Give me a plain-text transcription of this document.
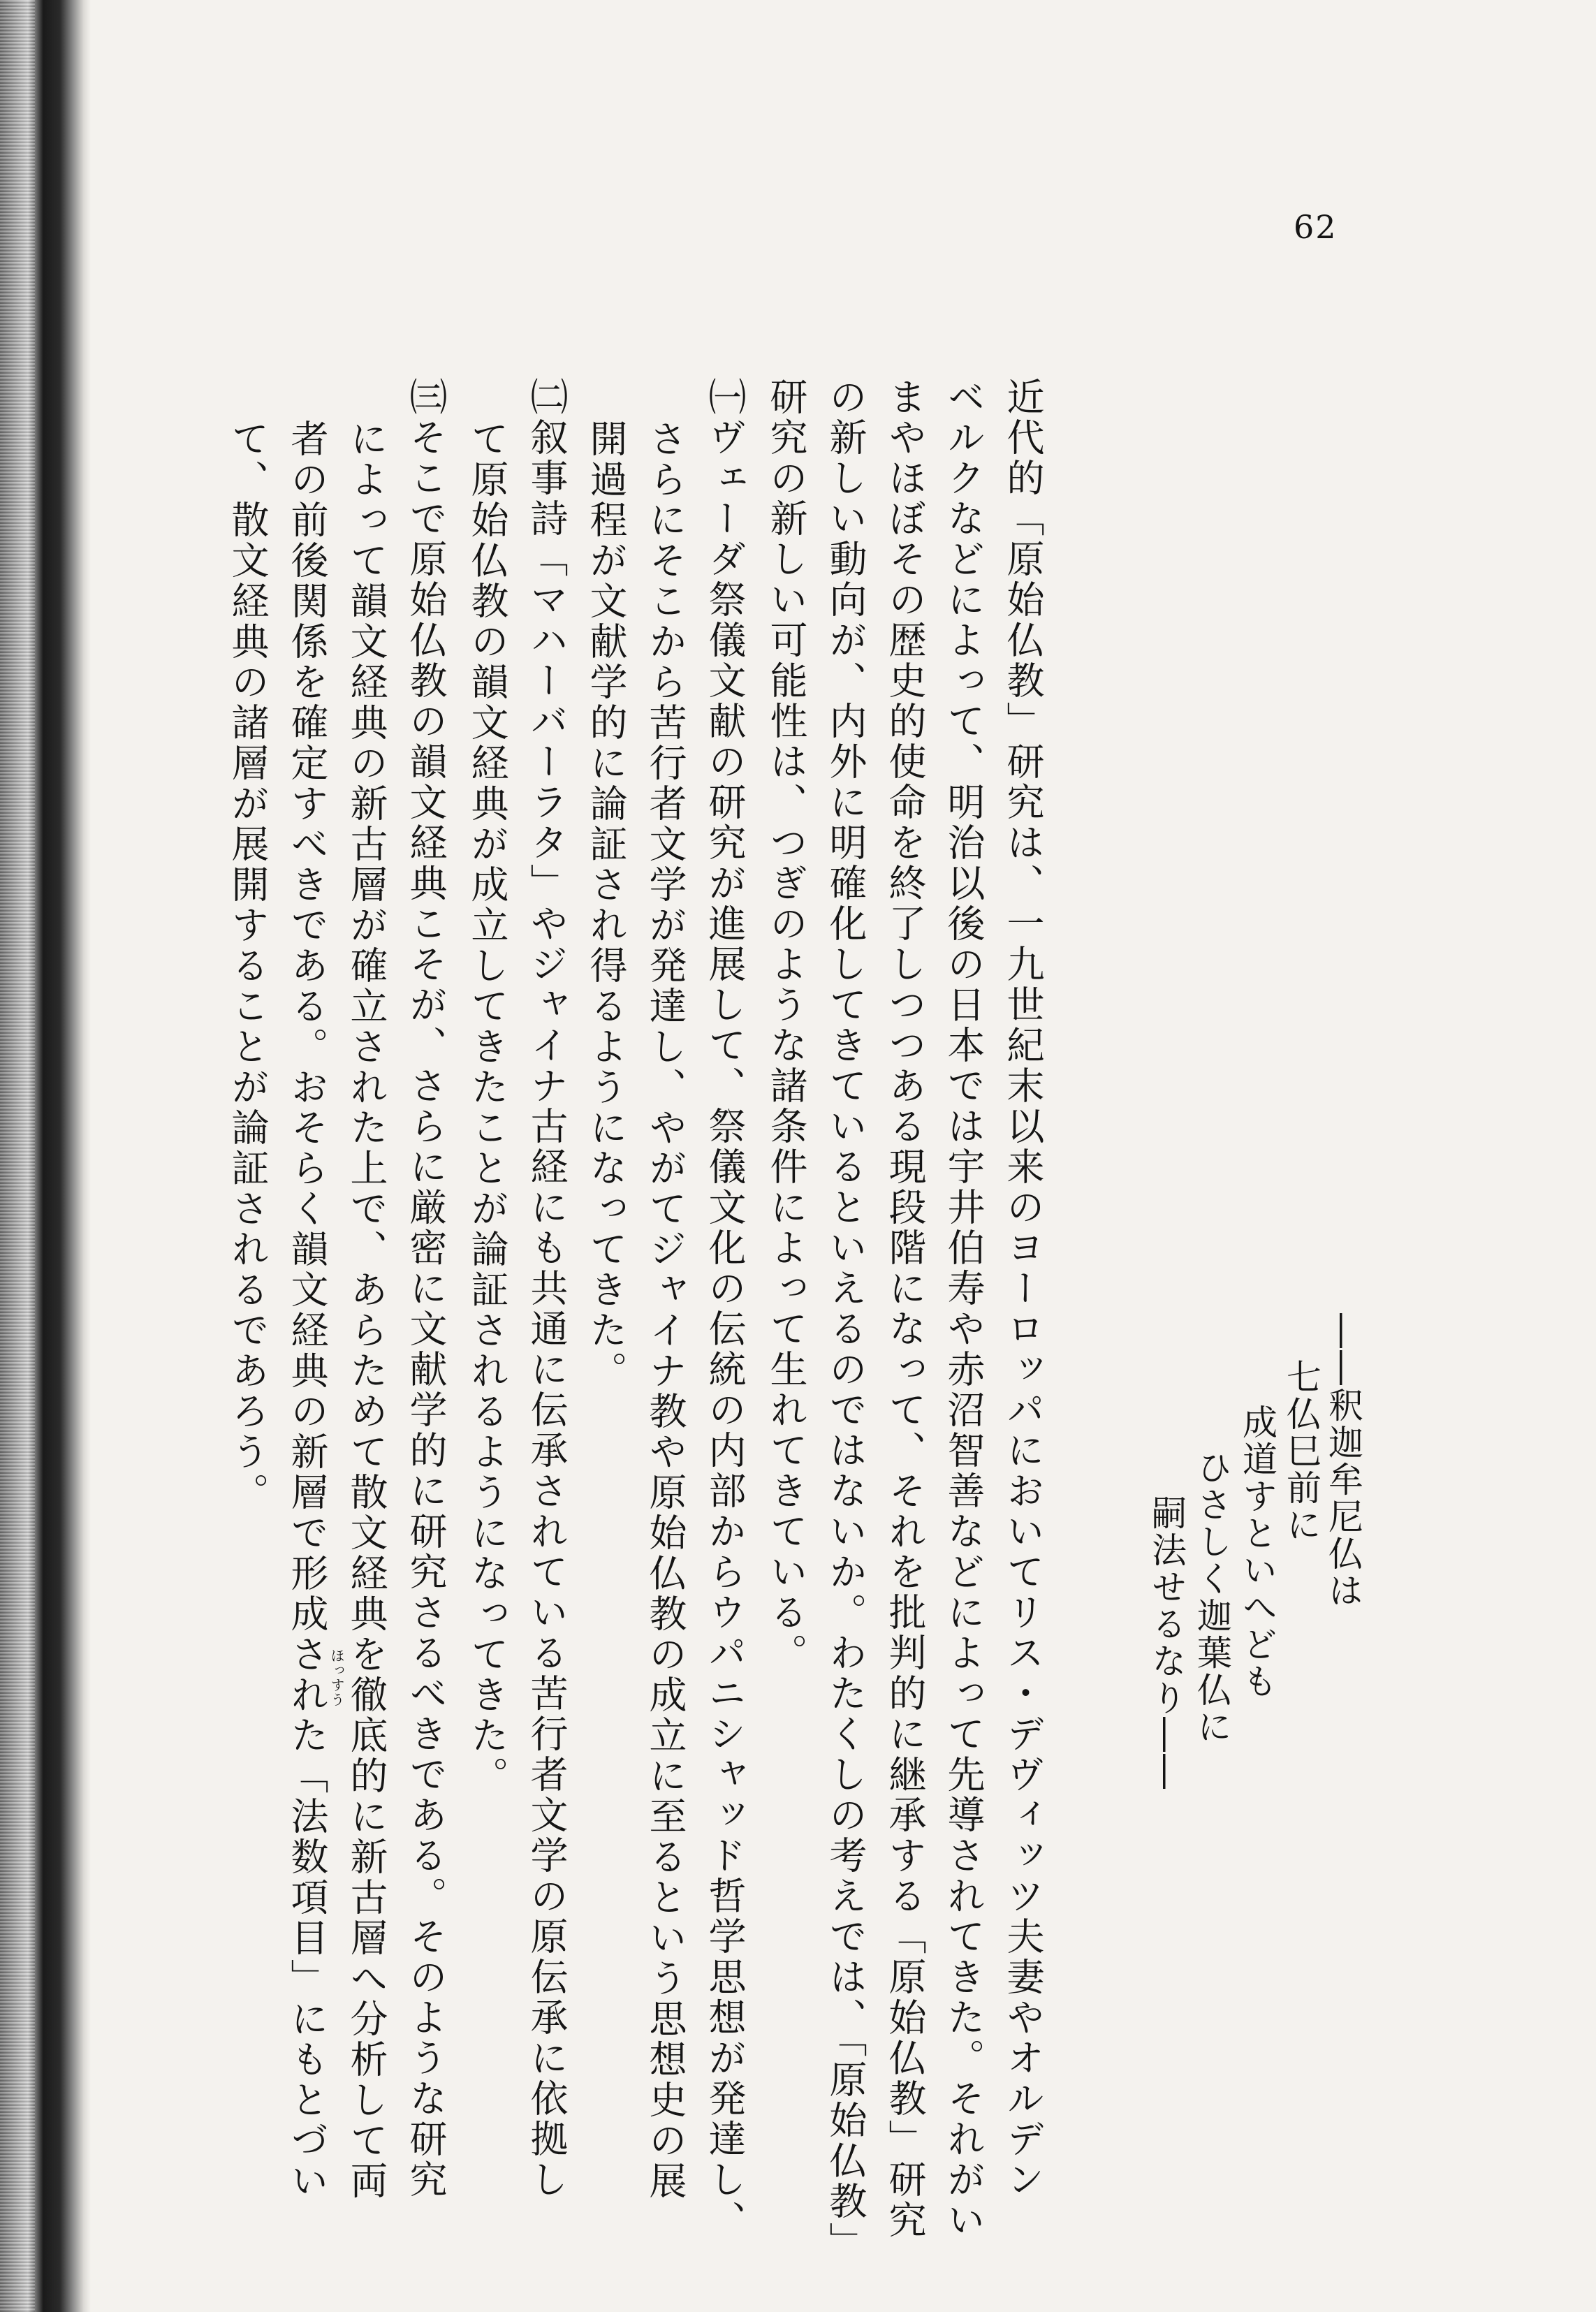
62
――釈迦牟尼仏は
七仏巳前に
成道すといへども
ひさしく迦葉仏に
嗣法せるなり――
近代的「原始仏教」研究は、一九世紀末以来のヨーロッパにおいてリス・デヴィッツ夫妻やオルデン
ベルクなどによって、明治以後の日本では宇井伯寿や赤沼智善などによって先導されてきた。それがい
まやほぼその歴史的使命を終了しつつある現段階になって、それを批判的に継承する「原始仏教」研究
の新しい動向が、内外に明確化してきているといえるのではないか。わたくしの考えでは、「原始仏教」
研究の新しい可能性は、つぎのような諸条件によって生れてきている。
㈠ヴェーダ祭儀文献の研究が進展して、祭儀文化の伝統の内部からウパニシャッド哲学思想が発達し、
さらにそこから苦行者文学が発達し、やがてジャイナ教や原始仏教の成立に至るという思想史の展
開過程が文献学的に論証され得るようになってきた。
㈡叙事詩「マハーバーラタ」やジャイナ古経にも共通に伝承されている苦行者文学の原伝承に依拠し
て原始仏教の韻文経典が成立してきたことが論証されるようになってきた。
㈢そこで原始仏教の韻文経典こそが、さらに厳密に文献学的に研究さるべきである。そのような研究
によって韻文経典の新古層が確立された上で、あらためて散文経典を徹底的に新古層へ分析して両
者の前後関係を確定すべきである。おそらく韻文経典の新層で形成された「法数項目」にもとづい
て、散文経典の諸層が展開することが論証されるであろう。
ほっすう
